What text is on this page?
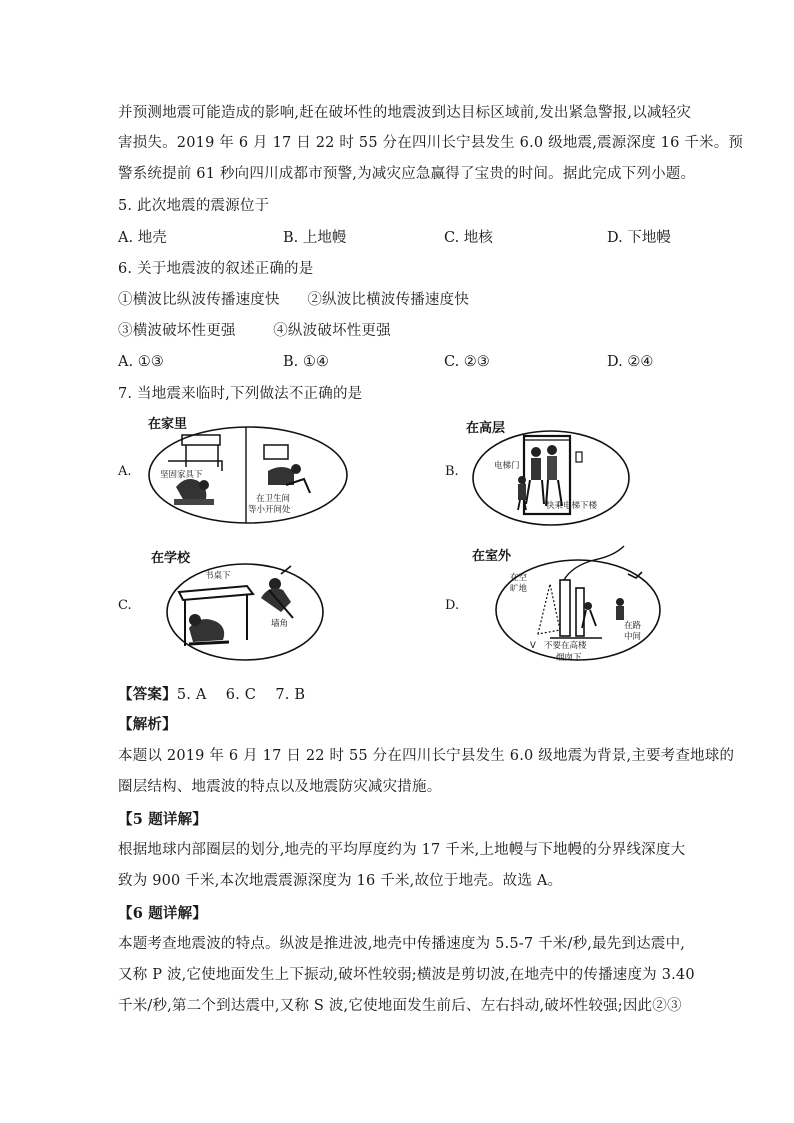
并预测地震可能造成的影响,赶在破坏性的地震波到达目标区域前,发出紧急警报,以减轻灾
害损失。2019 年 6 月 17 日 22 时 55 分在四川长宁县发生 6.0 级地震,震源深度 16 千米。预
警系统提前 61 秒向四川成都市预警,为减灾应急赢得了宝贵的时间。据此完成下列小题。
5. 此次地震的震源位于
A. 地壳	B. 上地幔	C. 地核	D. 下地幔
6. 关于地震波的叙述正确的是
①横波比纵波传播速度快 ②纵波比横波传播速度快
③横波破坏性更强	④纵波破坏性更强
A. ①③	B. ①④	C. ②③	D. ②④
7. 当地震来临时,下列做法不正确的是
A.	B.
C.	D.
在家里
坚固家具下
在卫生间
等小开间处
在高层
电梯门
快乘电梯下楼
在学校
书桌下
墙角
在室外
在空
旷地
在路
中间
不要在高楼
烟囱下
V
【答案】5. A    6. C    7. B
【解析】
本题以 2019 年 6 月 17 日 22 时 55 分在四川长宁县发生 6.0 级地震为背景,主要考查地球的
圈层结构、地震波的特点以及地震防灾减灾措施。
【5 题详解】
根据地球内部圈层的划分,地壳的平均厚度约为 17 千米,上地幔与下地幔的分界线深度大
致为 900 千米,本次地震震源深度为 16 千米,故位于地壳。故选 A。
【6 题详解】
本题考查地震波的特点。纵波是推进波,地壳中传播速度为 5.5-7 千米/秒,最先到达震中,
又称 P 波,它使地面发生上下振动,破坏性较弱;横波是剪切波,在地壳中的传播速度为 3.40
千米/秒,第二个到达震中,又称 S 波,它使地面发生前后、左右抖动,破坏性较强;因此②③
